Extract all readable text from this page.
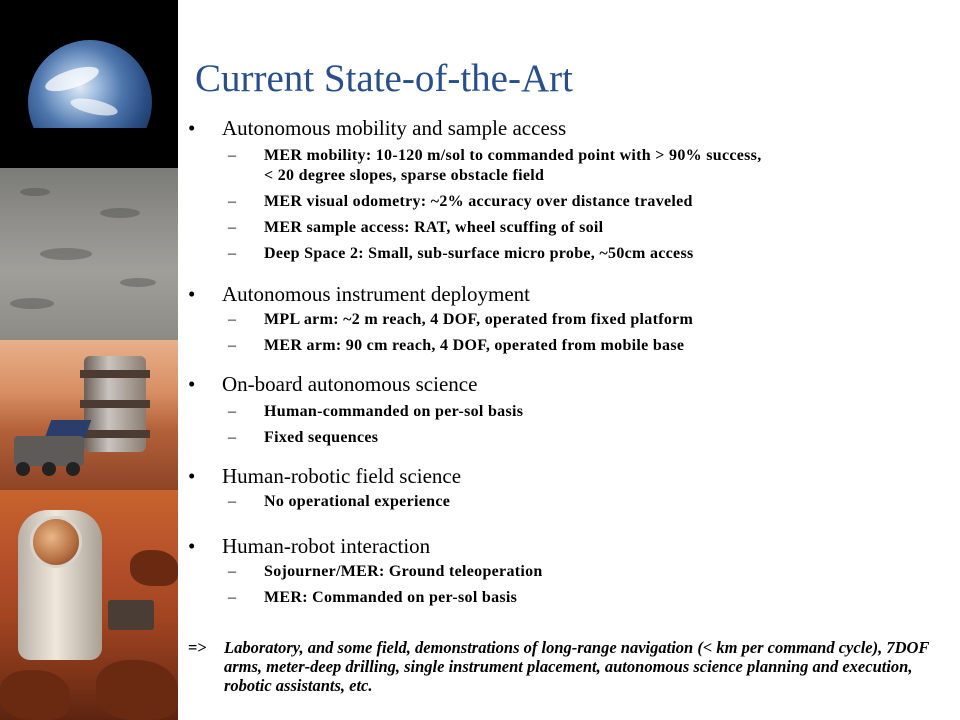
Current State-of-the-Art
• Autonomous mobility and sample access
– MER mobility: 10-120 m/sol to commanded point with > 90% success,
< 20 degree slopes, sparse obstacle field
– MER visual odometry: ~2% accuracy over distance traveled
– MER sample access: RAT, wheel scuffing of soil
– Deep Space 2: Small, sub-surface micro probe, ~50cm access
• Autonomous instrument deployment
– MPL arm: ~2 m reach, 4 DOF, operated from fixed platform
– MER arm: 90 cm reach, 4 DOF, operated from mobile base
• On-board autonomous science
– Human-commanded on per-sol basis
– Fixed sequences
• Human-robotic field science
– No operational experience
• Human-robot interaction
– Sojourner/MER: Ground teleoperation
– MER: Commanded on per-sol basis
=>	Laboratory, and some field, demonstrations of long-range navigation (< km per command cycle), 7DOF arms, meter-deep drilling, single instrument placement, autonomous science planning and execution, robotic assistants, etc.
